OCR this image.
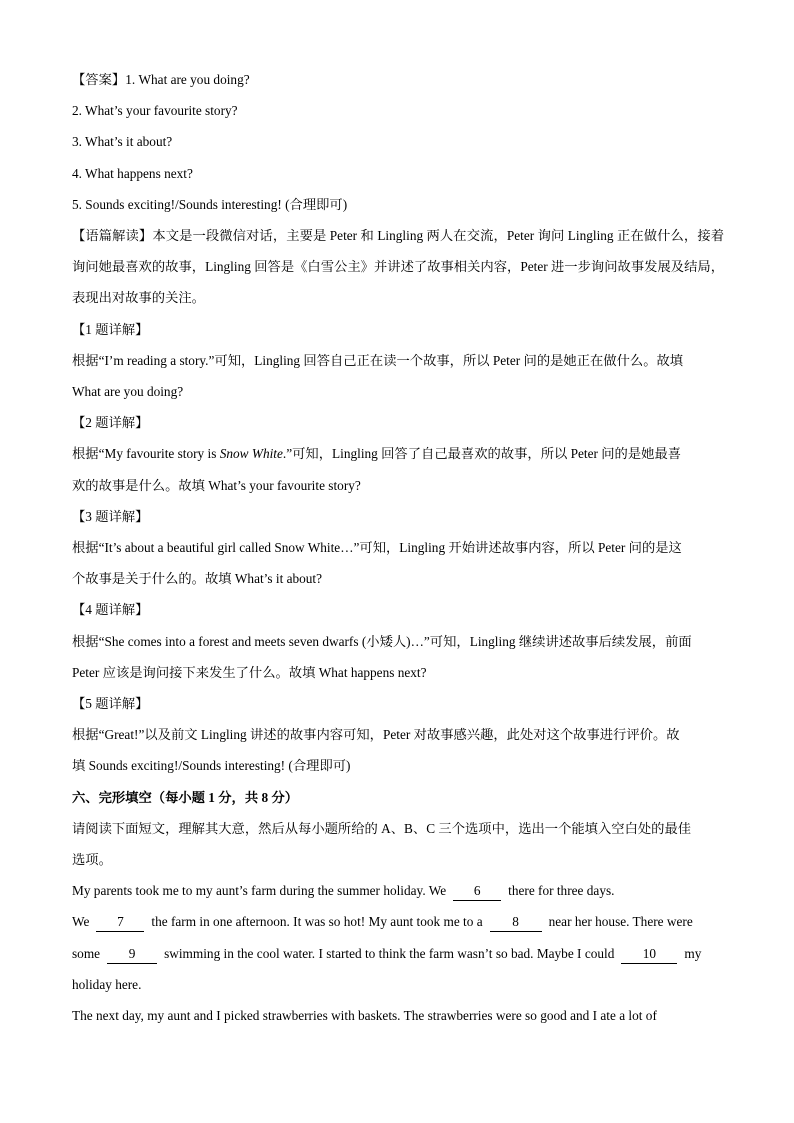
【答案】1. What are you doing?
2. What’s your favourite story?
3. What’s it about?
4. What happens next?
5. Sounds exciting!/Sounds interesting! (合理即可)
【语篇解读】本文是一段微信对话，主要是 Peter 和 Lingling 两人在交流，Peter 询问 Lingling 正在做什么，接着询问她最喜欢的故事，Lingling 回答是《白雪公主》并讲述了故事相关内容，Peter 进一步询问故事发展及结局，表现出对故事的关注。
【1 题详解】
根据“I’m reading a story.”可知，Lingling 回答自己正在读一个故事，所以 Peter 问的是她正在做什么。故填
What are you doing?
【2 题详解】
根据“My favourite story is Snow White.”可知，Lingling 回答了自己最喜欢的故事，所以 Peter 问的是她最喜
欢的故事是什么。故填 What’s your favourite story?
【3 题详解】
根据“It’s about a beautiful girl called Snow White…”可知，Lingling 开始讲述故事内容，所以 Peter 问的是这
个故事是关于什么的。故填 What’s it about?
【4 题详解】
根据“She comes into a forest and meets seven dwarfs (小矮人)…”可知，Lingling 继续讲述故事后续发展，前面
Peter 应该是询问接下来发生了什么。故填 What happens next?
【5 题详解】
根据“Great!”以及前文 Lingling 讲述的故事内容可知，Peter 对故事感兴趣，此处对这个故事进行评价。故
填 Sounds exciting!/Sounds interesting! (合理即可)
六、完形填空（每小题 1 分，共 8 分）
请阅读下面短文，理解其大意，然后从每小题所给的 A、B、C 三个选项中，选出一个能填入空白处的最佳
选项。
My parents took me to my aunt’s farm during the summer holiday. We 6 there for three days.
We 7 the farm in one afternoon. It was so hot! My aunt took me to a 8 near her house. There were
some 9 swimming in the cool water. I started to think the farm wasn’t so bad. Maybe I could 10 my
holiday here.
The next day, my aunt and I picked strawberries with baskets. The strawberries were so good and I ate a lot of
